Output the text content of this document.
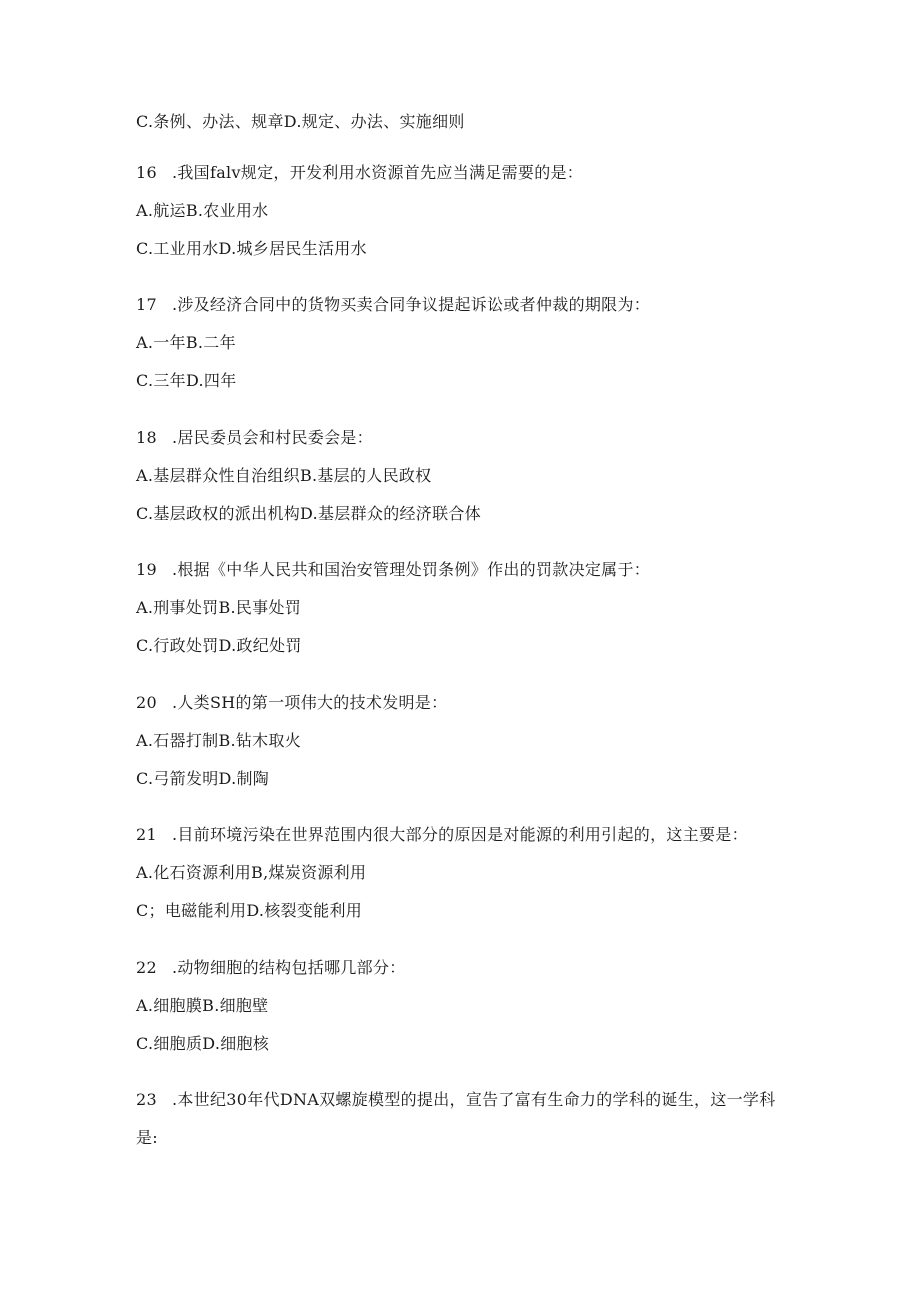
C.条例、办法、规章D.规定、办法、实施细则
16 .我国falv规定，开发利用水资源首先应当满足需要的是：
A.航运B.农业用水
C.工业用水D.城乡居民生活用水
17 .涉及经济合同中的货物买卖合同争议提起诉讼或者仲裁的期限为：
A.一年B.二年
C.三年D.四年
18 .居民委员会和村民委会是：
A.基层群众性自治组织B.基层的人民政权
C.基层政权的派出机构D.基层群众的经济联合体
19 .根据《中华人民共和国治安管理处罚条例》作出的罚款决定属于：
A.刑事处罚B.民事处罚
C.行政处罚D.政纪处罚
20 .人类SH的第一项伟大的技术发明是：
A.石器打制B.钻木取火
C.弓箭发明D.制陶
21 .目前环境污染在世界范围内很大部分的原因是对能源的利用引起的，这主要是：
A.化石资源利用B,煤炭资源利用
C；电磁能利用D.核裂变能利用
22 .动物细胞的结构包括哪几部分：
A.细胞膜B.细胞壁
C.细胞质D.细胞核
23 .本世纪30年代DNA双螺旋模型的提出，宣告了富有生命力的学科的诞生，这一学科
是:
